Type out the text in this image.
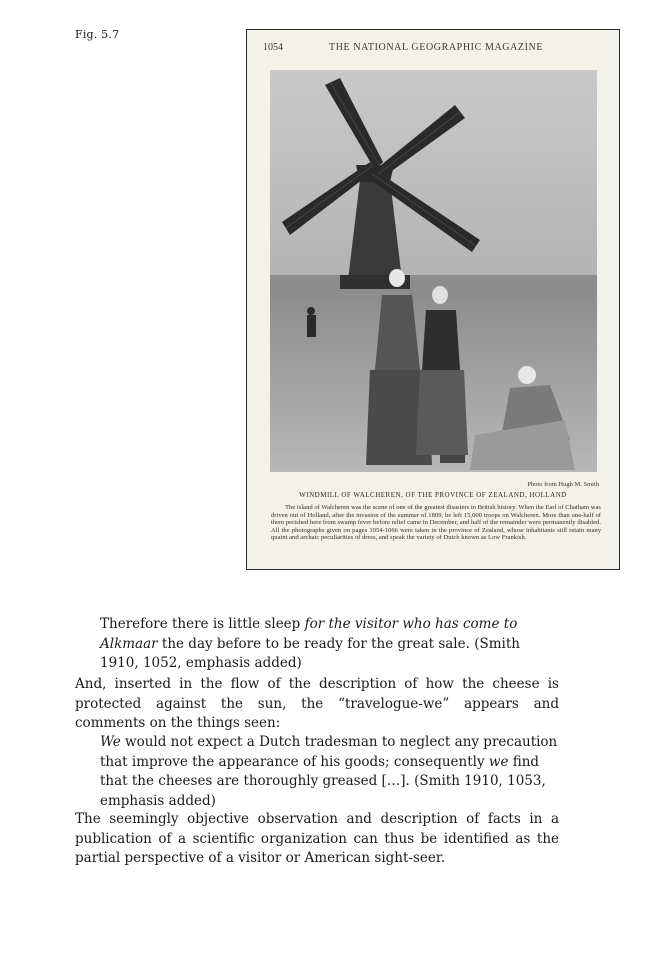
Fig. 5.7
1054	THE NATIONAL GEOGRAPHIC MAGAZINE
Photo from Hugh M. Smith
WINDMILL OF WALCHEREN, OF THE PROVINCE OF ZEALAND, HOLLAND
The island of Walcheren was the scene of one of the greatest disasters in British history. When the Earl of Chatham was driven out of Holland, after the invasion of the summer of 1809, he left 15,000 troops on Walcheren. More than one-half of them perished here from swamp fever before relief came in December, and half of the remainder were permanently disabled. All the photographs given on pages 1054-1066 were taken in the province of Zealand, whose inhabitants still retain many quaint and archaic peculiarities of dress, and speak the variety of Dutch known as Low Frankish.
Therefore there is little sleep for the visitor who has come to Alkmaar the day before to be ready for the great sale. (Smith 1910, 1052, emphasis added)
And, inserted in the flow of the description of how the cheese is protected against the sun, the “travelogue-we” appears and comments on the things seen:
We would not expect a Dutch tradesman to neglect any precaution that improve the appearance of his goods; consequently we find that the cheeses are thoroughly greased […]. (Smith 1910, 1053, emphasis added)
The seemingly objective observation and description of facts in a publication of a scientific organization can thus be identified as the partial perspective of a visitor or American sight-seer.
